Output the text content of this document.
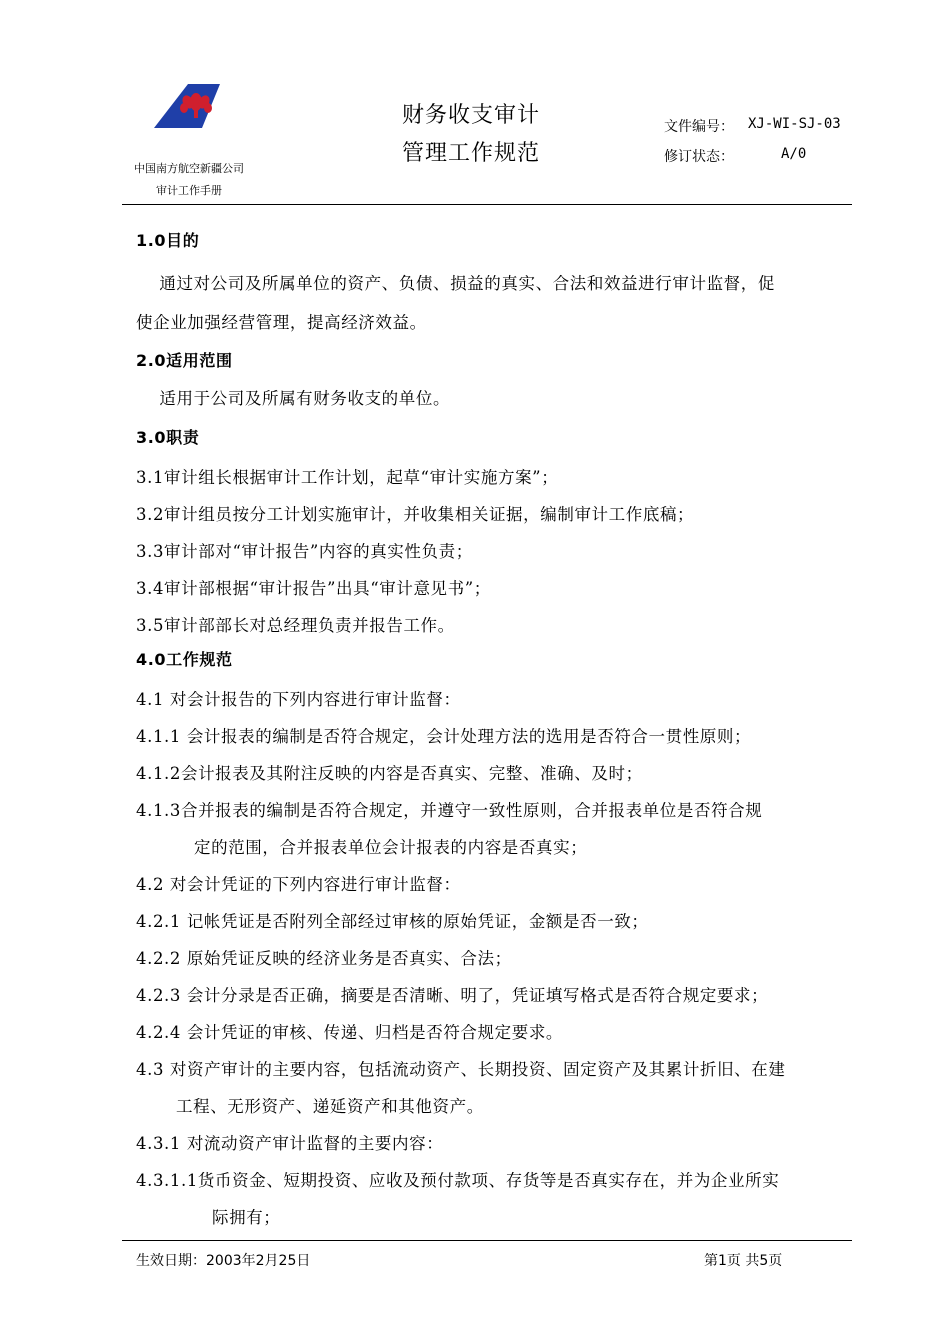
中国南方航空新疆公司
审计工作手册
财务收支审计
管理工作规范
文件编号： XJ-WI-SJ-03
修订状态：	A/0
1.0目的
通过对公司及所属单位的资产、负债、损益的真实、合法和效益进行审计监督，促
使企业加强经营管理，提高经济效益。
2.0适用范围
适用于公司及所属有财务收支的单位。
3.0职责
3.1审计组长根据审计工作计划，起草“审计实施方案”；
3.2审计组员按分工计划实施审计，并收集相关证据，编制审计工作底稿；
3.3审计部对“审计报告”内容的真实性负责；
3.4审计部根据“审计报告”出具“审计意见书”；
3.5审计部部长对总经理负责并报告工作。
4.0工作规范
4.1 对会计报告的下列内容进行审计监督：
4.1.1 会计报表的编制是否符合规定，会计处理方法的选用是否符合一贯性原则；
4.1.2会计报表及其附注反映的内容是否真实、完整、准确、及时；
4.1.3合并报表的编制是否符合规定，并遵守一致性原则，合并报表单位是否符合规
定的范围，合并报表单位会计报表的内容是否真实；
4.2 对会计凭证的下列内容进行审计监督：
4.2.1 记帐凭证是否附列全部经过审核的原始凭证，金额是否一致；
4.2.2 原始凭证反映的经济业务是否真实、合法；
4.2.3 会计分录是否正确，摘要是否清晰、明了，凭证填写格式是否符合规定要求；
4.2.4 会计凭证的审核、传递、归档是否符合规定要求。
4.3 对资产审计的主要内容，包括流动资产、长期投资、固定资产及其累计折旧、在建
工程、无形资产、递延资产和其他资产。
4.3.1 对流动资产审计监督的主要内容：
4.3.1.1货币资金、短期投资、应收及预付款项、存货等是否真实存在，并为企业所实
际拥有；
生效日期：2003年2月25日	第1页 共5页
